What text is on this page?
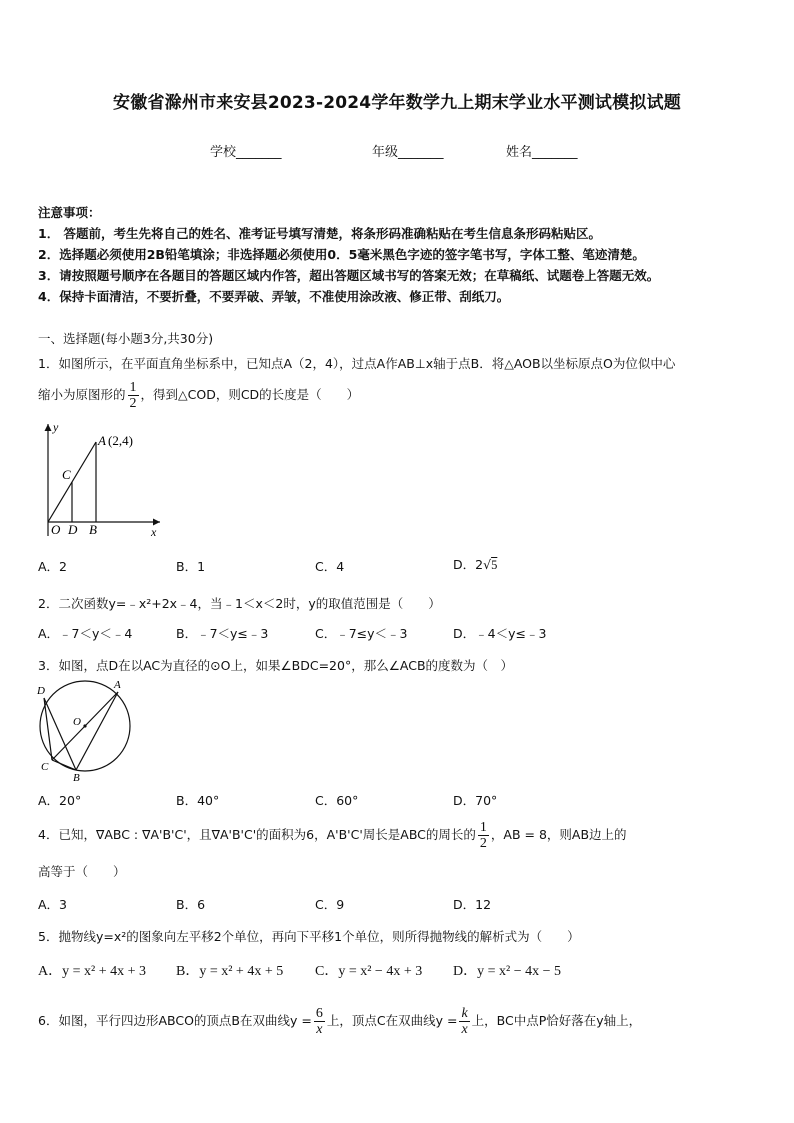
安徽省滁州市来安县2023-2024学年数学九上期末学业水平测试模拟试题
学校_______	年级_______	姓名_______
注意事项：
1． 答题前，考生先将自己的姓名、准考证号填写清楚，将条形码准确粘贴在考生信息条形码粘贴区。
2．选择题必须使用2B铅笔填涂；非选择题必须使用0．5毫米黑色字迹的签字笔书写，字体工整、笔迹清楚。
3．请按照题号顺序在各题目的答题区域内作答，超出答题区域书写的答案无效；在草稿纸、试题卷上答题无效。
4．保持卡面清洁，不要折叠，不要弄破、弄皱，不准使用涂改液、修正带、刮纸刀。
一、选择题(每小题3分,共30分)
1．如图所示，在平面直角坐标系中，已知点A（2，4），过点A作AB⊥x轴于点B．将△AOB以坐标原点O为位似中心
缩小为原图形的 $\frac{1}{2}$ ，得到△COD，则CD的长度是（　　）
y
x
A (2,4)
C
O D B
A．2	B．1	C．4	D．2√5
2．二次函数y=﹣x²+2x﹣4，当﹣1＜x＜2时，y的取值范围是（　　）
A．﹣7＜y＜﹣4	B．﹣7＜y≤﹣3	C．﹣7≤y＜﹣3	D．﹣4＜y≤﹣3
3．如图，点D在以AC为直径的⊙O上，如果∠BDC=20°，那么∠ACB的度数为（　）
D	A
O
C
B
A．20°	B．40°	C．60°	D．70°
4．已知，∇ABC : ∇A'B'C'，且∇A'B'C'的面积为6，A'B'C'周长是ABC的周长的 $\frac{1}{2}$ ，AB = 8，则AB边上的
高等于（　　）
A．3	B．6	C．9	D．12
5．抛物线y=x²的图象向左平移2个单位，再向下平移1个单位，则所得抛物线的解析式为（　　）
A．y = x² + 4x + 3 B．y = x² + 4x + 5 C．y = x² − 4x + 3 D．y = x² − 4x − 5
6．如图，平行四边形ABCO的顶点B在双曲线$y = \frac{6}{x}$ 上，顶点C在双曲线$y = \frac{k}{x}$ 上，BC中点P恰好落在y轴上，
